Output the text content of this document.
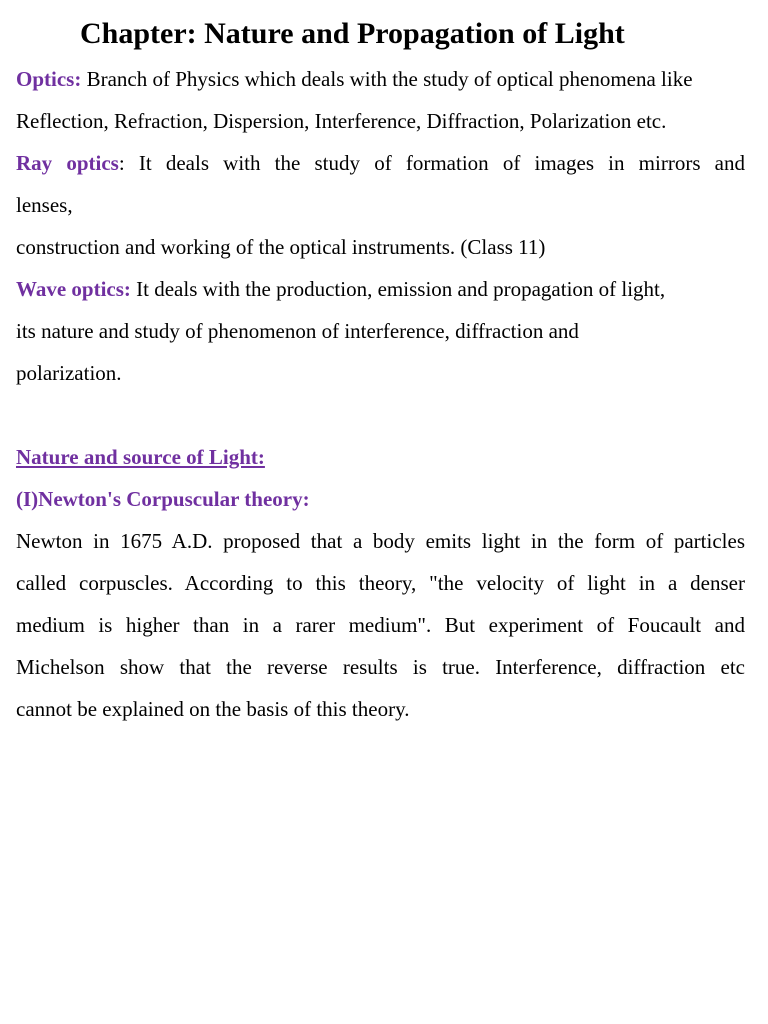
Chapter: Nature and Propagation of Light
Optics: Branch of Physics which deals with the study of optical phenomena like
Reflection, Refraction, Dispersion, Interference, Diffraction, Polarization etc.
Ray optics: It deals with the study of formation of images in mirrors and
lenses,
construction and working of the optical instruments. (Class 11)
Wave optics: It deals with the production, emission and propagation of light,
its nature and study of phenomenon of interference, diffraction and
polarization.
Nature and source of Light:
(I)Newton's Corpuscular theory:
Newton in 1675 A.D. proposed that a body emits light in the form of particles
called corpuscles. According to this theory, "the velocity of light in a denser
medium is higher than in a rarer medium". But experiment of Foucault and
Michelson show that the reverse results is true. Interference, diffraction etc
cannot be explained on the basis of this theory.
